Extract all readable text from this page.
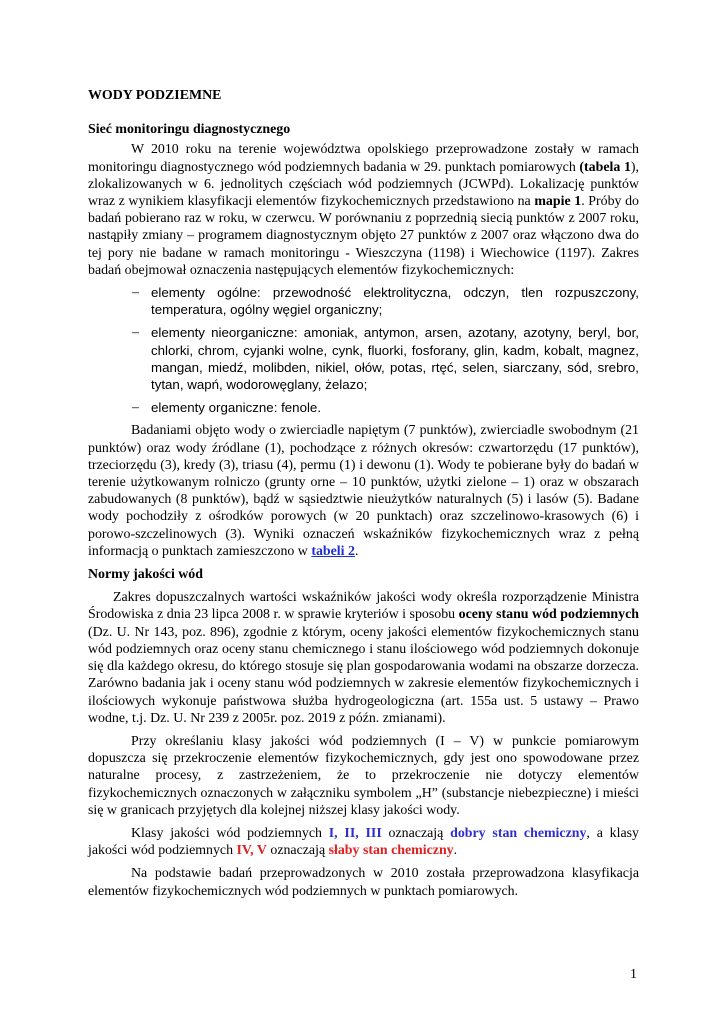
WODY PODZIEMNE
Sieć monitoringu diagnostycznego

W 2010 roku na terenie województwa opolskiego przeprowadzone zostały w ramach monitoringu diagnostycznego wód podziemnych badania w 29. punktach pomiarowych (tabela 1), zlokalizowanych w 6. jednolitych częściach wód podziemnych (JCWPd). Lokalizację punktów wraz z wynikiem klasyfikacji elementów fizykochemicznych przedstawiono na mapie 1. Próby do badań pobierano raz w roku, w czerwcu. W porównaniu z poprzednią siecią punktów z 2007 roku, nastąpiły zmiany – programem diagnostycznym objęto 27 punktów z 2007 oraz włączono dwa do tej pory nie badane w ramach monitoringu - Wieszczyna (1198) i Wiechowice (1197). Zakres badań obejmował oznaczenia następujących elementów fizykochemicznych:

– elementy ogólne: przewodność elektrolityczna, odczyn, tlen rozpuszczony, temperatura, ogólny węgiel organiczny;
– elementy nieorganiczne: amoniak, antymon, arsen, azotany, azotyny, beryl, bor, chlorki, chrom, cyjanki wolne, cynk, fluorki, fosforany, glin, kadm, kobalt, magnez, mangan, miedź, molibden, nikiel, ołów, potas, rtęć, selen, siarczany, sód, srebro, tytan, wapń, wodorowęglany, żelazo;
– elementy organiczne: fenole.

Badaniami objęto wody o zwierciadle napiętym (7 punktów), zwierciadle swobodnym (21 punktów) oraz wody źródlane (1), pochodzące z różnych okresów: czwartorzędu (17 punktów), trzeciorzędu (3), kredy (3), triasu (4), permu (1) i dewonu (1). Wody te pobierane były do badań w terenie użytkowanym rolniczo (grunty orne – 10 punktów, użytki zielone – 1) oraz w obszarach zabudowanych (8 punktów), bądź w sąsiedztwie nieużytków naturalnych (5) i lasów (5). Badane wody pochodziły z ośrodków porowych (w 20 punktach) oraz szczelinowo-krasowych (6) i porowo-szczelinowych (3). Wyniki oznaczeń wskaźników fizykochemicznych wraz z pełną informacją o punktach zamieszczono w tabeli 2.

Normy jakości wód

Zakres dopuszczalnych wartości wskaźników jakości wody określa rozporządzenie Ministra Środowiska z dnia 23 lipca 2008 r. w sprawie kryteriów i sposobu oceny stanu wód podziemnych (Dz. U. Nr 143, poz. 896), zgodnie z którym, oceny jakości elementów fizykochemicznych stanu wód podziemnych oraz oceny stanu chemicznego i stanu ilościowego wód podziemnych dokonuje się dla każdego okresu, do którego stosuje się plan gospodarowania wodami na obszarze dorzecza. Zarówno badania jak i oceny stanu wód podziemnych w zakresie elementów fizykochemicznych i ilościowych wykonuje państwowa służba hydrogeologiczna (art. 155a ust. 5 ustawy – Prawo wodne, t.j. Dz. U. Nr 239 z 2005r. poz. 2019 z późn. zmianami).

Przy określaniu klasy jakości wód podziemnych (I – V) w punkcie pomiarowym dopuszcza się przekroczenie elementów fizykochemicznych, gdy jest ono spowodowane przez naturalne procesy, z zastrzeżeniem, że to przekroczenie nie dotyczy elementów fizykochemicznych oznaczonych w załączniku symbolem „H” (substancje niebezpieczne) i mieści się w granicach przyjętych dla kolejnej niższej klasy jakości wody.

Klasy jakości wód podziemnych I, II, III oznaczają dobry stan chemiczny, a klasy jakości wód podziemnych IV, V oznaczają słaby stan chemiczny.

Na podstawie badań przeprowadzonych w 2010 została przeprowadzona klasyfikacja elementów fizykochemicznych wód podziemnych w punktach pomiarowych.

1
